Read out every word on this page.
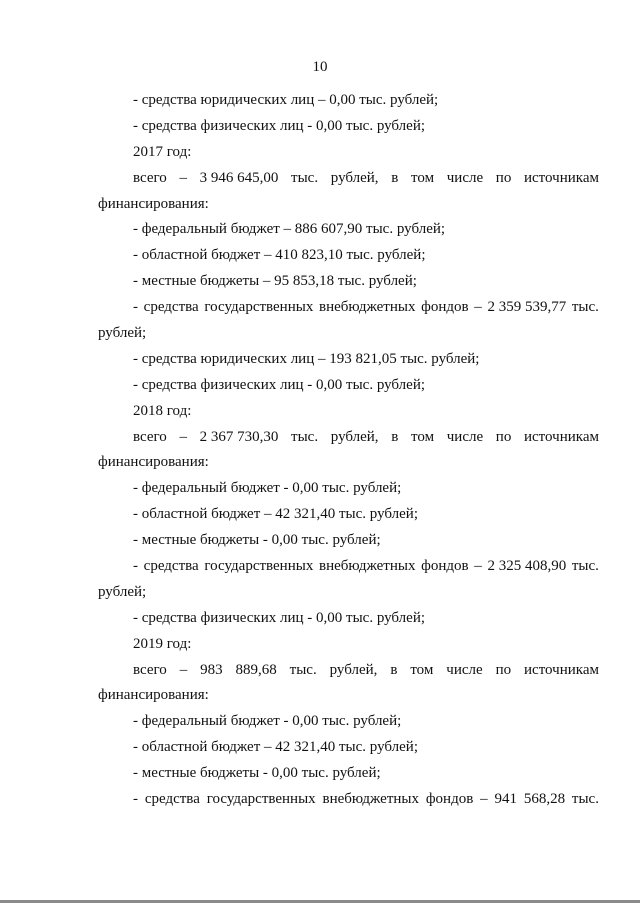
10
- средства юридических лиц – 0,00 тыс. рублей;
- средства физических лиц - 0,00 тыс. рублей;
2017 год:
всего – 3 946 645,00 тыс. рублей, в том числе по источникам
финансирования:
- федеральный бюджет – 886 607,90 тыс. рублей;
- областной бюджет – 410 823,10 тыс. рублей;
- местные бюджеты – 95 853,18 тыс. рублей;
- средства государственных внебюджетных фондов – 2 359 539,77 тыс.
рублей;
- средства юридических лиц – 193 821,05 тыс. рублей;
- средства физических лиц - 0,00 тыс. рублей;
2018 год:
всего – 2 367 730,30 тыс. рублей, в том числе по источникам
финансирования:
- федеральный бюджет - 0,00 тыс. рублей;
- областной бюджет – 42 321,40 тыс. рублей;
- местные бюджеты - 0,00 тыс. рублей;
- средства государственных внебюджетных фондов – 2 325 408,90 тыс.
рублей;
- средства физических лиц - 0,00 тыс. рублей;
2019 год:
всего – 983 889,68 тыс. рублей, в том числе по источникам
финансирования:
- федеральный бюджет - 0,00 тыс. рублей;
- областной бюджет – 42 321,40 тыс. рублей;
- местные бюджеты - 0,00 тыс. рублей;
- средства государственных внебюджетных фондов – 941 568,28 тыс.
